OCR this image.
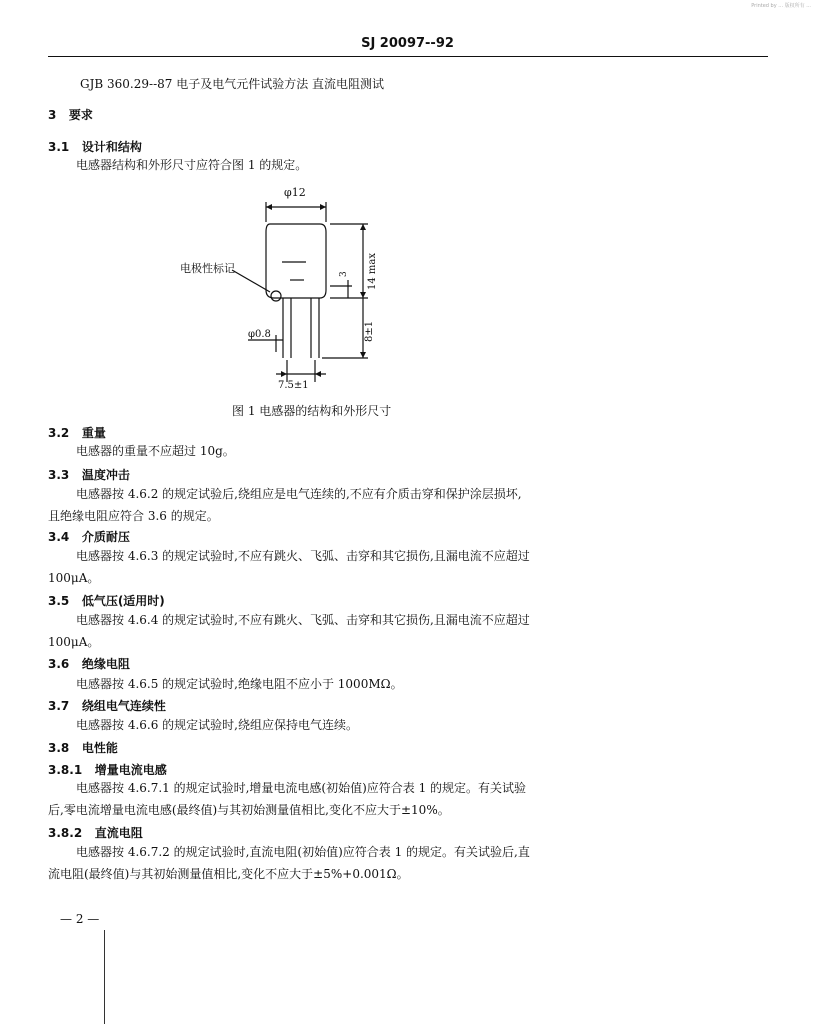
Printed by ... 版权所有 ...
SJ 20097--92
GJB 360.29--87 电子及电气元件试验方法 直流电阻测试
3 要求
3.1 设计和结构
电感器结构和外形尺寸应符合图 1 的规定。
φ12
电极性标记	14 max
3
8±1
φ0.8
7.5±1
图 1 电感器的结构和外形尺寸
3.2 重量
电感器的重量不应超过 10g。
3.3 温度冲击
电感器按 4.6.2 的规定试验后,绕组应是电气连续的,不应有介质击穿和保护涂层损坏,
且绝缘电阻应符合 3.6 的规定。
3.4 介质耐压
电感器按 4.6.3 的规定试验时,不应有跳火、飞弧、击穿和其它损伤,且漏电流不应超过
100μA。
3.5 低气压(适用时)
电感器按 4.6.4 的规定试验时,不应有跳火、飞弧、击穿和其它损伤,且漏电流不应超过
100μA。
3.6 绝缘电阻
电感器按 4.6.5 的规定试验时,绝缘电阻不应小于 1000MΩ。
3.7 绕组电气连续性
电感器按 4.6.6 的规定试验时,绕组应保持电气连续。
3.8 电性能
3.8.1 增量电流电感
电感器按 4.6.7.1 的规定试验时,增量电流电感(初始值)应符合表 1 的规定。有关试验
后,零电流增量电流电感(最终值)与其初始测量值相比,变化不应大于±10%。
3.8.2 直流电阻
电感器按 4.6.7.2 的规定试验时,直流电阻(初始值)应符合表 1 的规定。有关试验后,直
流电阻(最终值)与其初始测量值相比,变化不应大于±5%+0.001Ω。
— 2 —
